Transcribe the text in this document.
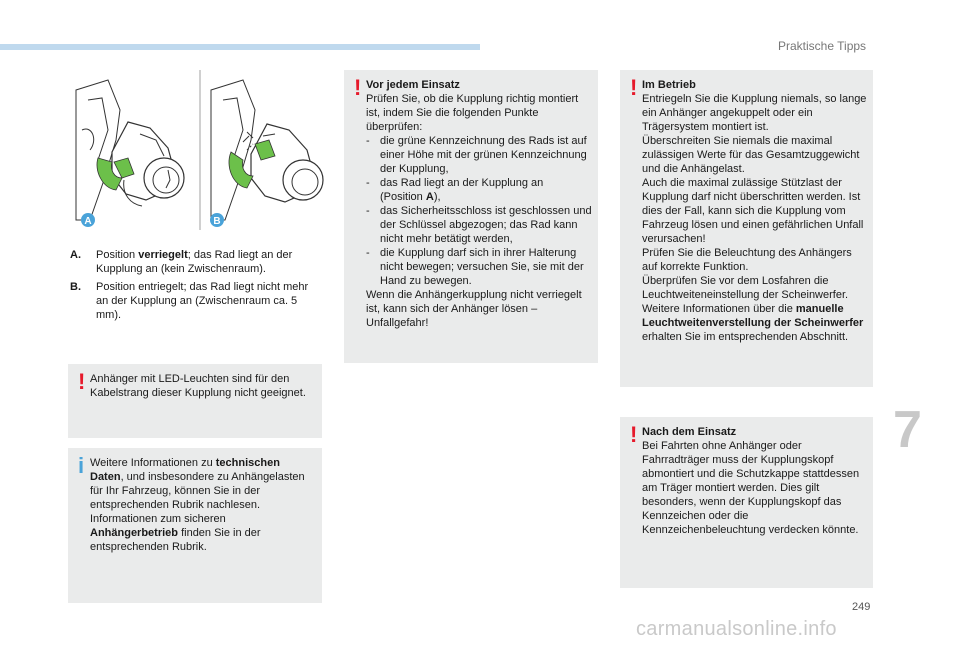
Praktische Tipps
A	B
A.	Position verriegelt; das Rad liegt an der Kupplung an (kein Zwischenraum).
B.	Position entriegelt; das Rad liegt nicht mehr an der Kupplung an (Zwischenraum ca. 5 mm).
! Anhänger mit LED-Leuchten sind für den Kabelstrang dieser Kupplung nicht geeignet.
i Weitere Informationen zu technischen Daten, und insbesondere zu Anhängelasten für Ihr Fahrzeug, können Sie in der entsprechenden Rubrik nachlesen.
Informationen zum sicheren Anhängerbetrieb finden Sie in der entsprechenden Rubrik.
! Vor jedem Einsatz
Prüfen Sie, ob die Kupplung richtig montiert ist, indem Sie die folgenden Punkte überprüfen:
- die grüne Kennzeichnung des Rads ist auf einer Höhe mit der grünen Kennzeichnung der Kupplung,
- das Rad liegt an der Kupplung an
(Position A),
- das Sicherheitsschloss ist geschlossen und der Schlüssel abgezogen; das Rad kann nicht mehr betätigt werden,
- die Kupplung darf sich in ihrer Halterung nicht bewegen; versuchen Sie, sie mit der Hand zu bewegen.
Wenn die Anhängerkupplung nicht verriegelt ist, kann sich der Anhänger lösen – Unfallgefahr!
! Im Betrieb
Entriegeln Sie die Kupplung niemals, so lange ein Anhänger angekuppelt oder ein Trägersystem montiert ist.
Überschreiten Sie niemals die maximal zulässigen Werte für das Gesamtzuggewicht und die Anhängelast.
Auch die maximal zulässige Stützlast der Kupplung darf nicht überschritten werden. Ist dies der Fall, kann sich die Kupplung vom Fahrzeug lösen und einen gefährlichen Unfall verursachen!
Prüfen Sie die Beleuchtung des Anhängers auf korrekte Funktion.
Überprüfen Sie vor dem Losfahren die Leuchtweiteneinstellung der Scheinwerfer.
Weitere Informationen über die manuelle Leuchtweitenverstellung der Scheinwerfer erhalten Sie im entsprechenden Abschnitt.
! Nach dem Einsatz
Bei Fahrten ohne Anhänger oder Fahrradträger muss der Kupplungskopf abmontiert und die Schutzkappe stattdessen am Träger montiert werden. Dies gilt besonders, wenn der Kupplungskopf das Kennzeichen oder die Kennzeichenbeleuchtung verdecken könnte.
7
249
carmanualsonline.info
